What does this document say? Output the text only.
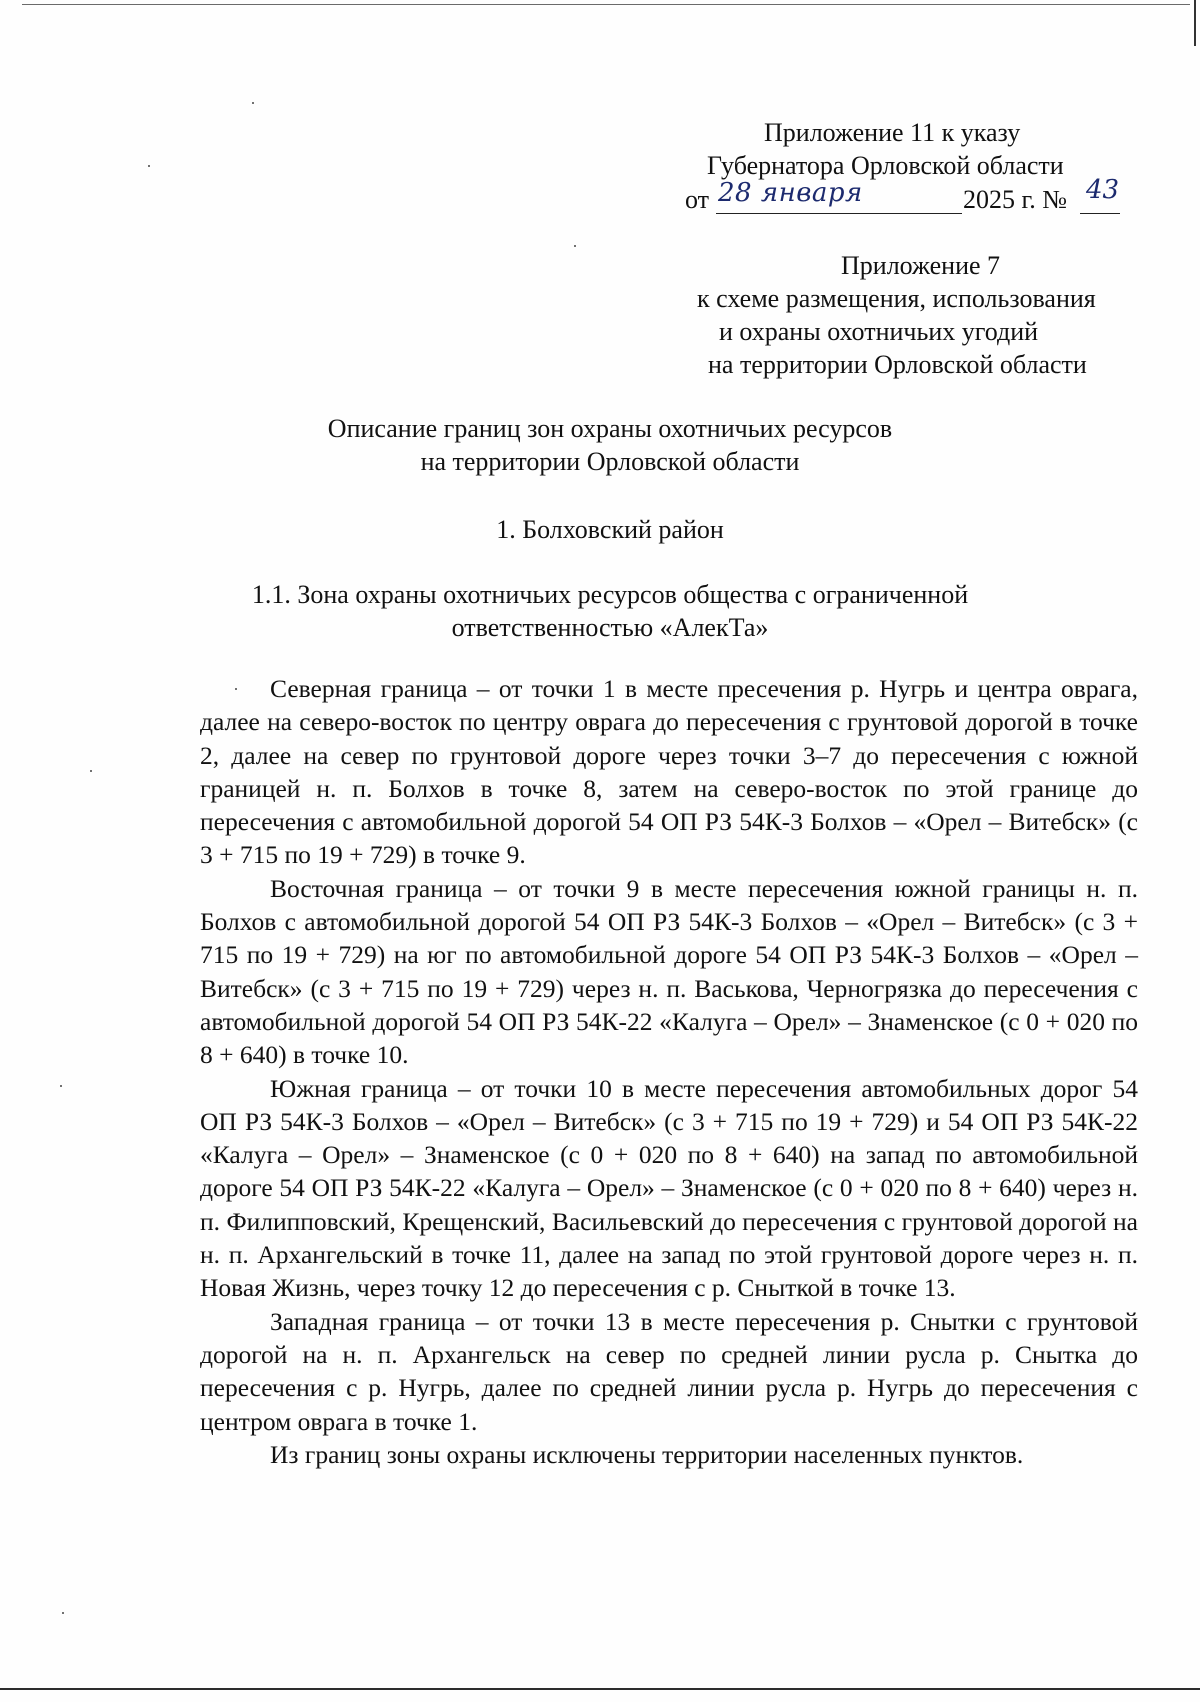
Приложение 11 к указу
Губернатора Орловской области
от 28 января	2025 г. № 43
Приложение 7
к схеме размещения, использования
и охраны охотничьих угодий
на территории Орловской области
Описание границ зон охраны охотничьих ресурсов
на территории Орловской области
1. Болховский район
1.1. Зона охраны охотничьих ресурсов общества с ограниченной
ответственностью «АлекТа»

Северная граница – от точки 1 в месте пресечения р. Нугрь и центра оврага, далее на северо-восток по центру оврага до пересечения с грунтовой дорогой в точке 2, далее на север по грунтовой дороге через точки 3–7 до пересечения с южной границей н. п. Болхов в точке 8, затем на северо-восток по этой границе до пересечения с автомобильной дорогой 54 ОП РЗ 54К-3 Болхов – «Орел – Витебск» (с 3 + 715 по 19 + 729) в точке 9.

Восточная граница – от точки 9 в месте пересечения южной границы н. п. Болхов с автомобильной дорогой 54 ОП РЗ 54К-3 Болхов – «Орел – Витебск» (с 3 + 715 по 19 + 729) на юг по автомобильной дороге 54 ОП РЗ 54К-3 Болхов – «Орел – Витебск» (с 3 + 715 по 19 + 729) через н. п. Васькова, Черногрязка до пересечения с автомобильной дорогой 54 ОП РЗ 54К-22 «Калуга – Орел» – Знаменское (с 0 + 020 по 8 + 640) в точке 10.

Южная граница – от точки 10 в месте пересечения автомобильных дорог 54 ОП РЗ 54К-3 Болхов – «Орел – Витебск» (с 3 + 715 по 19 + 729) и 54 ОП РЗ 54К-22 «Калуга – Орел» – Знаменское (с 0 + 020 по 8 + 640) на запад по автомобильной дороге 54 ОП РЗ 54К-22 «Калуга – Орел» – Знаменское (с 0 + 020 по 8 + 640) через н. п. Филипповский, Крещенский, Васильевский до пересечения с грунтовой дорогой на н. п. Архангельский в точке 11, далее на запад по этой грунтовой дороге через н. п. Новая Жизнь, через точку 12 до пересечения с р. Сныткой в точке 13.

Западная граница – от точки 13 в месте пересечения р. Снытки с грунтовой дорогой на н. п. Архангельск на север по средней линии русла р. Снытка до пересечения с р. Нугрь, далее по средней линии русла р. Нугрь до пересечения с центром оврага в точке 1.

Из границ зоны охраны исключены территории населенных пунктов.
